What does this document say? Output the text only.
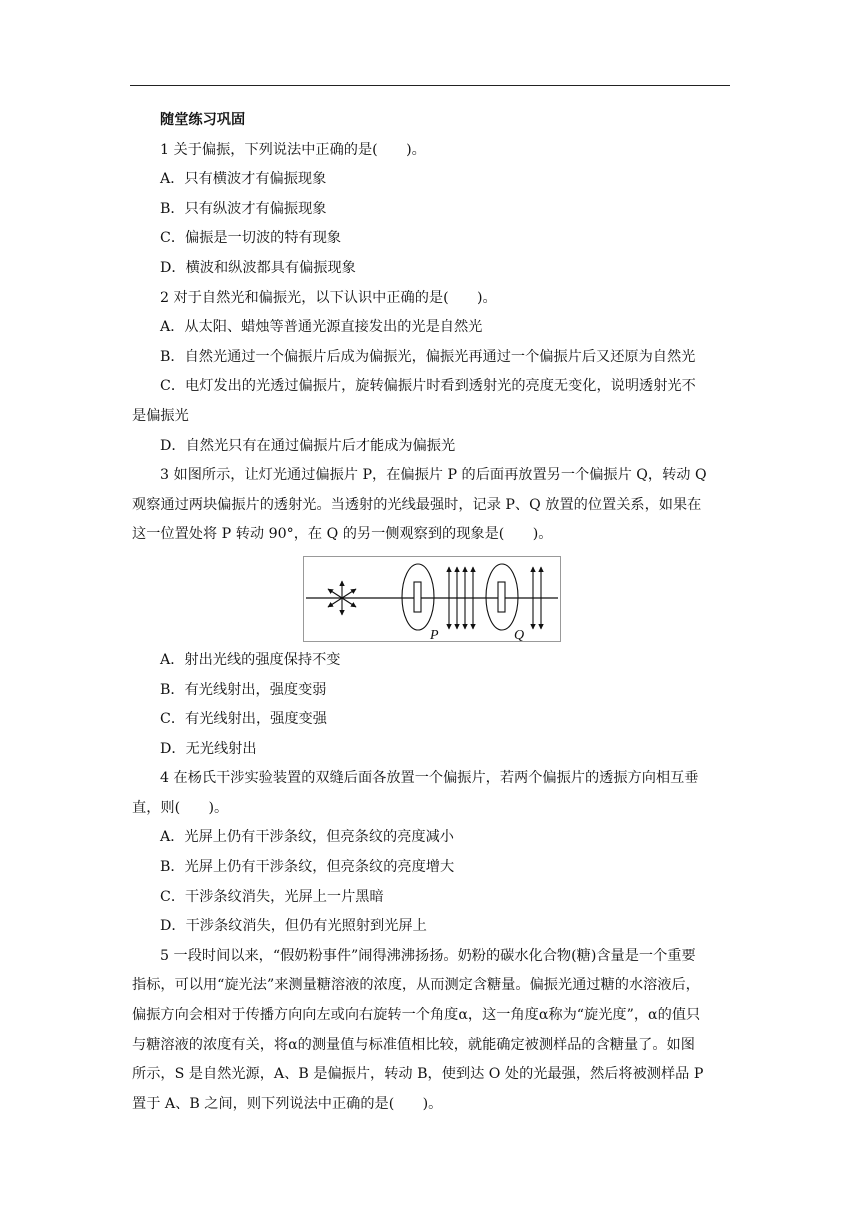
随堂练习巩固
1 关于偏振，下列说法中正确的是(　　)。
A．只有横波才有偏振现象
B．只有纵波才有偏振现象
C．偏振是一切波的特有现象
D．横波和纵波都具有偏振现象
2 对于自然光和偏振光，以下认识中正确的是(　　)。
A．从太阳、蜡烛等普通光源直接发出的光是自然光
B．自然光通过一个偏振片后成为偏振光，偏振光再通过一个偏振片后又还原为自然光
C．电灯发出的光透过偏振片，旋转偏振片时看到透射光的亮度无变化，说明透射光不
是偏振光
D．自然光只有在通过偏振片后才能成为偏振光
3 如图所示，让灯光通过偏振片 P，在偏振片 P 的后面再放置另一个偏振片 Q，转动 Q
观察通过两块偏振片的透射光。当透射的光线最强时，记录 P、Q 放置的位置关系，如果在
这一位置处将 P 转动 90°，在 Q 的另一侧观察到的现象是(　　)。
P	Q
A．射出光线的强度保持不变
B．有光线射出，强度变弱
C．有光线射出，强度变强
D．无光线射出
4 在杨氏干涉实验装置的双缝后面各放置一个偏振片，若两个偏振片的透振方向相互垂
直，则(　　)。
A．光屏上仍有干涉条纹，但亮条纹的亮度减小
B．光屏上仍有干涉条纹，但亮条纹的亮度增大
C．干涉条纹消失，光屏上一片黑暗
D．干涉条纹消失，但仍有光照射到光屏上
5 一段时间以来，“假奶粉事件”闹得沸沸扬扬。奶粉的碳水化合物(糖)含量是一个重要
指标，可以用“旋光法”来测量糖溶液的浓度，从而测定含糖量。偏振光通过糖的水溶液后，
偏振方向会相对于传播方向向左或向右旋转一个角度α，这一角度α称为“旋光度”，α的值只
与糖溶液的浓度有关，将α的测量值与标准值相比较，就能确定被测样品的含糖量了。如图
所示，S 是自然光源，A、B 是偏振片，转动 B，使到达 O 处的光最强，然后将被测样品 P
置于 A、B 之间，则下列说法中正确的是(　　)。
